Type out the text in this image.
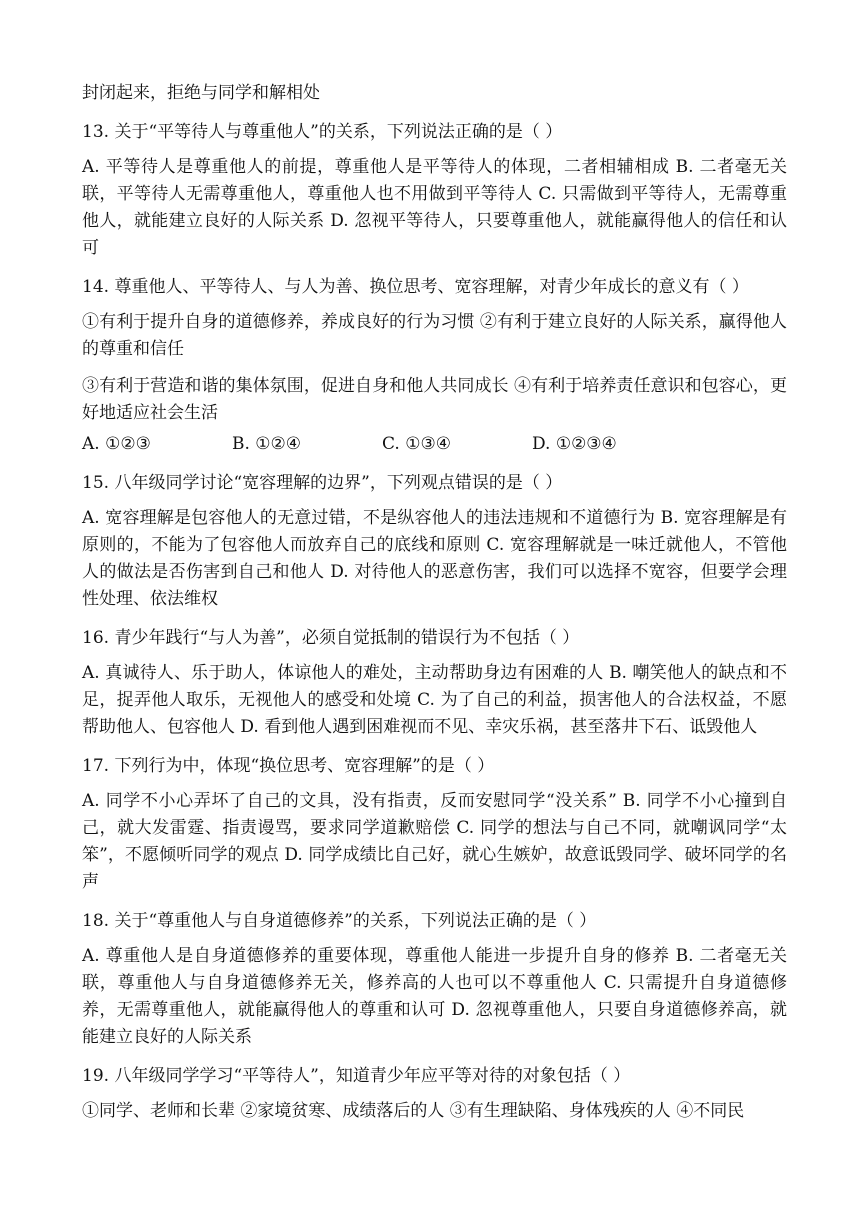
封闭起来，拒绝与同学和解相处

13. 关于“平等待人与尊重他人”的关系，下列说法正确的是（ ）

A. 平等待人是尊重他人的前提，尊重他人是平等待人的体现，二者相辅相成 B. 二者毫无关联，平等待人无需尊重他人，尊重他人也不用做到平等待人 C. 只需做到平等待人，无需尊重他人，就能建立良好的人际关系 D. 忽视平等待人，只要尊重他人，就能赢得他人的信任和认可

14. 尊重他人、平等待人、与人为善、换位思考、宽容理解，对青少年成长的意义有（ ）

①有利于提升自身的道德修养，养成良好的行为习惯 ②有利于建立良好的人际关系，赢得他人的尊重和信任

③有利于营造和谐的集体氛围，促进自身和他人共同成长 ④有利于培养责任意识和包容心，更好地适应社会生活

A. ①②③	B. ①②④	C. ①③④	D. ①②③④

15. 八年级同学讨论“宽容理解的边界”，下列观点错误的是（ ）

A. 宽容理解是包容他人的无意过错，不是纵容他人的违法违规和不道德行为 B. 宽容理解是有原则的，不能为了包容他人而放弃自己的底线和原则 C. 宽容理解就是一味迁就他人，不管他人的做法是否伤害到自己和他人 D. 对待他人的恶意伤害，我们可以选择不宽容，但要学会理性处理、依法维权

16. 青少年践行“与人为善”，必须自觉抵制的错误行为不包括（ ）

A. 真诚待人、乐于助人，体谅他人的难处，主动帮助身边有困难的人 B. 嘲笑他人的缺点和不足，捉弄他人取乐，无视他人的感受和处境 C. 为了自己的利益，损害他人的合法权益，不愿帮助他人、包容他人 D. 看到他人遇到困难视而不见、幸灾乐祸，甚至落井下石、诋毁他人

17. 下列行为中，体现“换位思考、宽容理解”的是（ ）

A. 同学不小心弄坏了自己的文具，没有指责，反而安慰同学“没关系” B. 同学不小心撞到自己，就大发雷霆、指责谩骂，要求同学道歉赔偿 C. 同学的想法与自己不同，就嘲讽同学“太笨”，不愿倾听同学的观点 D. 同学成绩比自己好，就心生嫉妒，故意诋毁同学、破坏同学的名声

18. 关于“尊重他人与自身道德修养”的关系，下列说法正确的是（ ）

A. 尊重他人是自身道德修养的重要体现，尊重他人能进一步提升自身的修养 B. 二者毫无关联，尊重他人与自身道德修养无关，修养高的人也可以不尊重他人 C. 只需提升自身道德修养，无需尊重他人，就能赢得他人的尊重和认可 D. 忽视尊重他人，只要自身道德修养高，就能建立良好的人际关系

19. 八年级同学学习“平等待人”，知道青少年应平等对待的对象包括（ ）

①同学、老师和长辈 ②家境贫寒、成绩落后的人 ③有生理缺陷、身体残疾的人 ④不同民
